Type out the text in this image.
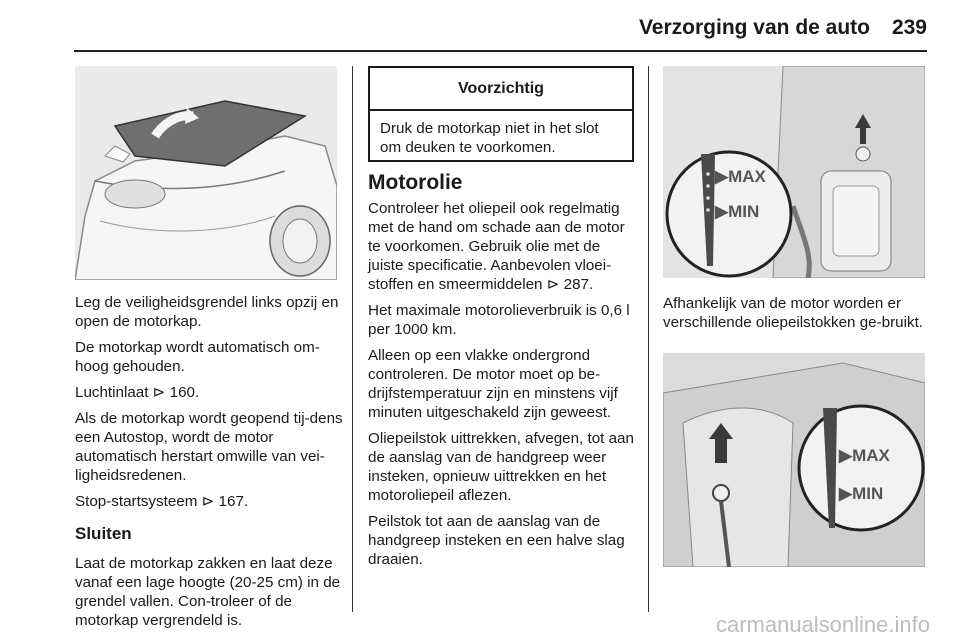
Verzorging van de auto	239

Leg de veiligheidsgrendel links opzij en open de motorkap.

De motorkap wordt automatisch om-hoog gehouden.

Luchtinlaat ⊳ 160.

Als de motorkap wordt geopend tij-dens een Autostop, wordt de motor automatisch herstart omwille van vei-ligheidsredenen.

Stop-startsysteem ⊳ 167.

Sluiten

Laat de motorkap zakken en laat deze vanaf een lage hoogte (20-25 cm) in de grendel vallen. Con-troleer of de motorkap vergrendeld is.

Voorzichtig
Druk de motorkap niet in het slot om deuken te voorkomen.
Motorolie

Controleer het oliepeil ook regelmatig met de hand om schade aan de motor te voorkomen. Gebruik olie met de juiste specificatie. Aanbevolen vloei-stoffen en smeermiddelen ⊳ 287.

Het maximale motorolieverbruik is 0,6 l per 1000 km.

Alleen op een vlakke ondergrond controleren. De motor moet op be-drijfstemperatuur zijn en minstens vijf minuten uitgeschakeld zijn geweest.

Oliepeilstok uittrekken, afvegen, tot aan de aanslag van de handgreep weer insteken, opnieuw uittrekken en het motoroliepeil aflezen.

Peilstok tot aan de aanslag van de handgreep insteken en een halve slag draaien.

▶MAX
▶MIN

Afhankelijk van de motor worden er verschillende oliepeilstokken ge-bruikt.

▶MAX
▶MIN
carmanualsonline.info
